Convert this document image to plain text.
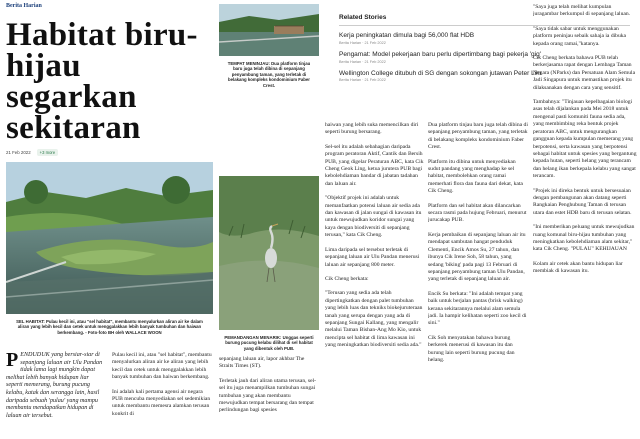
Berita Harian
Habitat biru-hijau segarkan sekitaran
21 Feb 2022	+3 more
SEL HABITAT: Pulau kecil ini, atau "sel habitat", membantu menyalurkan aliran air ke dalam aliran yang lebih kecil dan cetek untuk menggalakkan lebih banyak tumbuhan dan haiwan berkembang. - Foto-foto BH oleh WALLACE WOON
P ENDUDUK yang bersiar-siar di sepanjang laluan air Ulu Pandan tidak lama lagi mungkin dapat melihat lebih banyak hidupan liar seperti memerang, burung pucung kelabu, katak dan serangga lain, hasil daripada sebuah 'pulau' yang mampu membantu mendapatkan hidupan di laluan air tersebut.

Pulau kecil ini, atau "sel habitat", membantu menyalurkan aliran air ke aliran yang lebih kecil dan cetek untuk menggalakkan lebih banyak tumbuhan dan haiwan berkembang.

Ini adalah kali pertama agensi air negara PUB mencuba menyediakan sel sedemikian untuk membantu memesra alamkan terusan konkrit di

TEMPAT MENINJAU: Dua platform tinjau baru juga telah dibina di sepanjang penyambung taman, yang terletak di belakang kompleks kondominium Faber Crest.
PEMANDANGAN MENARIK: Unggas seperti burung pucung kelabu dilihat di sel habitat yang dibentuk oleh PUB.

sepanjang laluan air, lapor akhbar The Straits Times (ST).

Terletak jauh dari aliran utama terusan, sel-sel itu juga menampilkan tumbuhan sungai tumbuhan yang akan membantu mewujudkan tempat bersarang dan tempat perlindungan bagi spesies

Related Stories
Kerja peningkatan dimula bagi 56,000 flat HDB
Berita Harian · 21 Feb 2022
Pengamat: Model pekerjaan baru perlu dipertimbang bagi pekerja 'gig'
Berita Harian · 21 Feb 2022
Wellington College ditubuh di SG dengan sokongan jutawan Peter Lim
Berita Harian · 21 Feb 2022

haiwan yang lebih suka memencilkan diri seperti burung bersarang.

Sel-sel itu adalah sebahagian daripada program peratoran Aktif, Cantik dan Bersih PUB, yang digelar Peraturan ABC, kata Cik Cheng Geok Ling, ketua jurutera PUB bagi kebolehdiaman bandar di jabatan tadahan dan laluan air.

"Objektif projek ini adalah untuk memanfaatkan potensi laluan air sedia ada dan kawasan di jalan sungai di kawasan itu untuk mewujudkan koridor sungai yang kaya dengan biodiversiti di sepanjang terusan," kata Cik Cheng.

Lima daripada sel tersebut terletak di sepanjang laluan air Ulu Pandan menerusi laluan air sepanjang 800 meter.

Cik Cheng berkata:

"Terusan yang sedia ada telah dipertingkatkan dengan palet tumbuhan yang lebih luas dan tekniks biokejuruteraan tanah yang serupa dengan yang ada di sepanjang Sungai Kallang, yang mengalir melalui Taman Bishan-Ang Mo Kio, untuk mencipta sel habitat di lima kawasan ini yang meningkatkan biodiversiti sedia ada."

Dua platform tinjau baru juga telah dibina di sepanjang penyambung taman, yang terletak di belakang kompleks kondominium Faber Crest.

Platform itu dibina untuk menyediakan sudut pandang yang menghadap ke sel habitat, membolehkan orang ramai memerhati flora dan fauna dari dekat, kata Cik Cheng.

Platform dan sel habitat akan dilancarkan secara rasmi pada hujung Februari, menurut jurucakap PUB.

Kerja pembaikan di sepanjang laluan air itu mendapat sambutan hangat penduduk Clementi, Encik Amos Su, 27 tahun, dan ibunya Cik Irene Soh, 58 tahun, yang sedang 'biking' pada pagi 13 Februari di sepanjang penyambung taman Ulu Pandan, yang terletak di sepanjang laluan air.

Encik Su berkata: "Ini adalah tempat yang baik untuk berjalan pantas (brisk walking) kerana sekitarannya melalui alam semula jadi. Ia hampir kelihatan seperti zoo kecil di sini."

Cik Soh menyatakan bahawa burung berkerek menerusi di kawasan itu dan burung lain seperti burung pucung dan helang.

"Saya juga telah melihat kumpulan juragambar berkumpul di sepanjang laluan.

"Saya tidak sabar untuk menggunakan platform peninjau sebaik sahaja ia dibuka kepada orang ramai,"katanya.

Cik Cheng berkata bahawa PUB telah berkerjasama rapat dengan Lembaga Taman Negara (NParks) dan Persatuan Alam Semula Jadi Singapura untuk memastikan projek itu dilaksanakan dengan cara yang sensitif.

Tambahnya: "Tinjauan kepelbagaian biologi asas telah dijalankan pada Mei 2018 untuk mengenal pasti komuniti fauna sedia ada, yang membimbing reka bentuk projek peratoran ABC, untuk mengurangkan gangguan kepada kumpulan memerang yang berpotensi, serta kawasan yang berpotensi sebagai habitat untuk spesies yang bergantung kepada hutan, seperti helang yang terancam dan helang ikan berkepala kelabu yang sangat terancam.

"Projek ini direka bentuk untuk bersesuaian dengan pembangunan akan datang seperti Rangkaian Penghubung Taman di terusan utara dan estet HDB baru di terusan selatan.

"Ini memberikan peluang untuk mewujudkan ruang komunal biru-hijau tumbuhan yang meningkatkan kebolehdiaman alam sekitar," kata Cik Cheng. "PULAU" KEHIJAUAN

Kolam air cetek akan bantu hidupan liar membiak di kawasan itu.
